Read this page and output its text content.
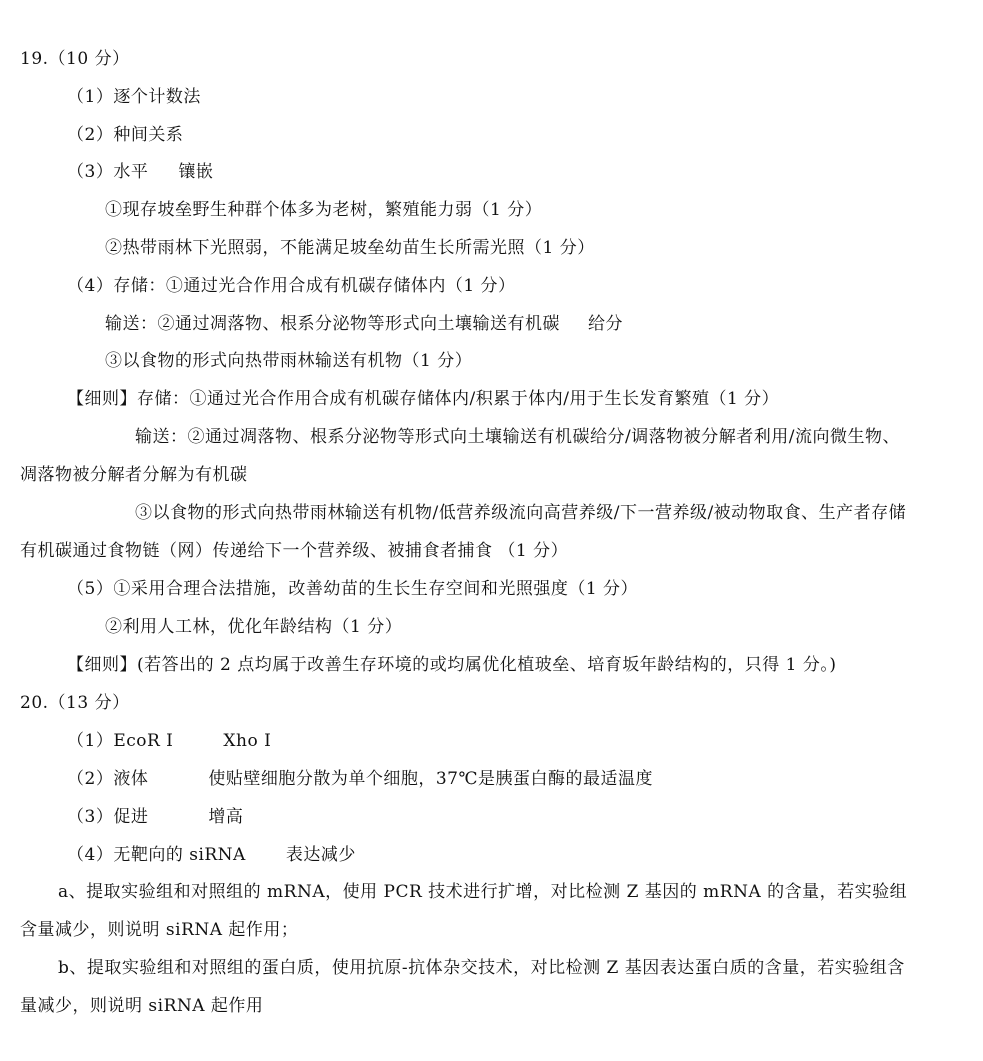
19.（10 分）
（1）逐个计数法
（2）种间关系
（3）水平 镶嵌
①现存坡垒野生种群个体多为老树，繁殖能力弱（1 分）
②热带雨林下光照弱，不能满足坡垒幼苗生长所需光照（1 分）
（4）存储：①通过光合作用合成有机碳存储体内（1 分）
输送：②通过凋落物、根系分泌物等形式向土壤输送有机碳 给分
③以食物的形式向热带雨林输送有机物（1 分）
【细则】存储：①通过光合作用合成有机碳存储体内/积累于体内/用于生长发育繁殖（1 分）
输送：②通过凋落物、根系分泌物等形式向土壤输送有机碳给分/调落物被分解者利用/流向微生物、
凋落物被分解者分解为有机碳
③以食物的形式向热带雨林输送有机物/低营养级流向高营养级/下一营养级/被动物取食、生产者存储
有机碳通过食物链（网）传递给下一个营养级、被捕食者捕食 （1 分）
（5）①采用合理合法措施，改善幼苗的生长生存空间和光照强度（1 分）
②利用人工林，优化年龄结构（1 分）
【细则】(若答出的 2 点均属于改善生存环境的或均属优化植玻垒、培育坂年龄结构的，只得 1 分。)
20.（13 分）
（1）EcoR I	Xho I
（2）液体	使贴壁细胞分散为单个细胞，37℃是胰蛋白酶的最适温度
（3）促进	增高
（4）无靶向的 siRNA 表达减少
a、提取实验组和对照组的 mRNA，使用 PCR 技术进行扩增，对比检测 Z 基因的 mRNA 的含量，若实验组
含量减少，则说明 siRNA 起作用；
b、提取实验组和对照组的蛋白质，使用抗原-抗体杂交技术，对比检测 Z 基因表达蛋白质的含量，若实验组含
量减少，则说明 siRNA 起作用
